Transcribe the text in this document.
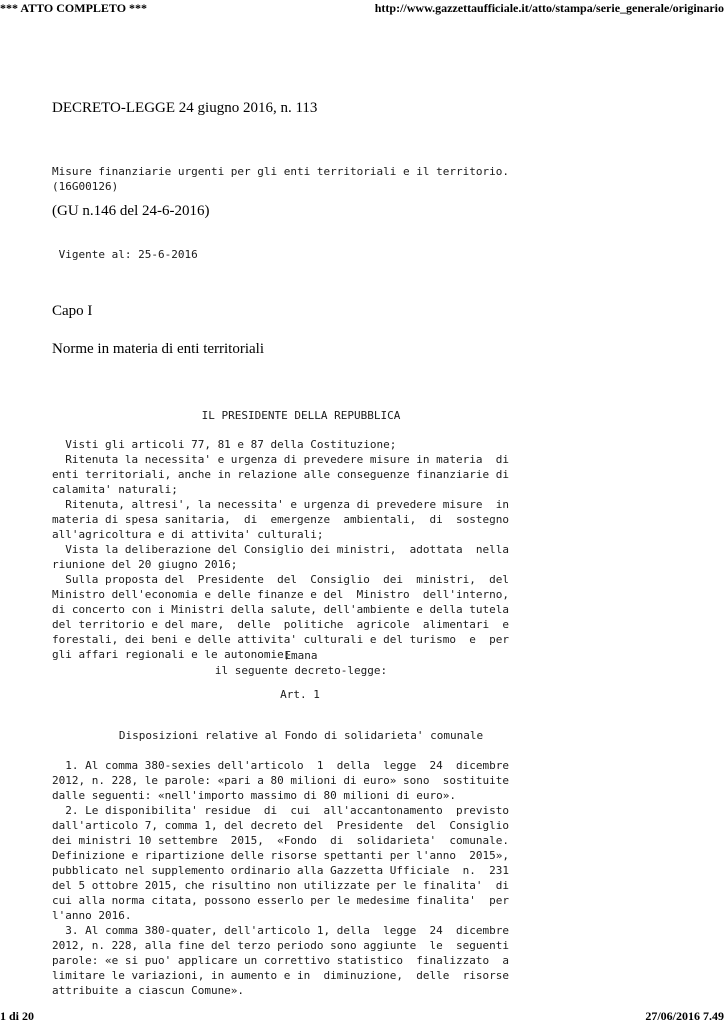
*** ATTO COMPLETO ***	http://www.gazzettaufficiale.it/atto/stampa/serie_generale/originario
DECRETO-LEGGE 24 giugno 2016, n. 113
Misure finanziarie urgenti per gli enti territoriali e il territorio.
(16G00126)
(GU n.146 del 24-6-2016)
Vigente al: 25-6-2016
Capo I
Norme in materia di enti territoriali
IL PRESIDENTE DELLA REPUBBLICA
Visti gli articoli 77, 81 e 87 della Costituzione;
Ritenuta la necessita' e urgenza di prevedere misure in materia  di
enti territoriali, anche in relazione alle conseguenze finanziarie di
calamita' naturali;
Ritenuta, altresi', la necessita' e urgenza di prevedere misure  in
materia di spesa sanitaria,  di  emergenze  ambientali,  di  sostegno
all'agricoltura e di attivita' culturali;
Vista la deliberazione del Consiglio dei ministri,  adottata  nella
riunione del 20 giugno 2016;
Sulla proposta del  Presidente  del  Consiglio  dei  ministri,  del
Ministro dell'economia e delle finanze e del  Ministro  dell'interno,
di concerto con i Ministri della salute, dell'ambiente e della tutela
del territorio e del mare,  delle  politiche  agricole  alimentari  e
forestali, dei beni e delle attivita' culturali e del turismo  e  per
gli affari regionali e le autonomie;
Emana
il seguente decreto-legge:
Art. 1
Disposizioni relative al Fondo di solidarieta' comunale
1. Al comma 380-sexies dell'articolo  1  della  legge  24  dicembre
2012, n. 228, le parole: «pari a 80 milioni di euro» sono  sostituite
dalle seguenti: «nell'importo massimo di 80 milioni di euro».
2. Le disponibilita' residue  di  cui  all'accantonamento  previsto
dall'articolo 7, comma 1, del decreto del  Presidente  del  Consiglio
dei ministri 10 settembre  2015,  «Fondo  di  solidarieta'  comunale.
Definizione e ripartizione delle risorse spettanti per l'anno  2015»,
pubblicato nel supplemento ordinario alla Gazzetta Ufficiale  n.  231
del 5 ottobre 2015, che risultino non utilizzate per le finalita'  di
cui alla norma citata, possono esserlo per le medesime finalita'  per
l'anno 2016.
3. Al comma 380-quater, dell'articolo 1, della  legge  24  dicembre
2012, n. 228, alla fine del terzo periodo sono aggiunte  le  seguenti
parole: «e si puo' applicare un correttivo statistico  finalizzato  a
limitare le variazioni, in aumento e in  diminuzione,  delle  risorse
attribuite a ciascun Comune».
1 di 20	27/06/2016 7.49
